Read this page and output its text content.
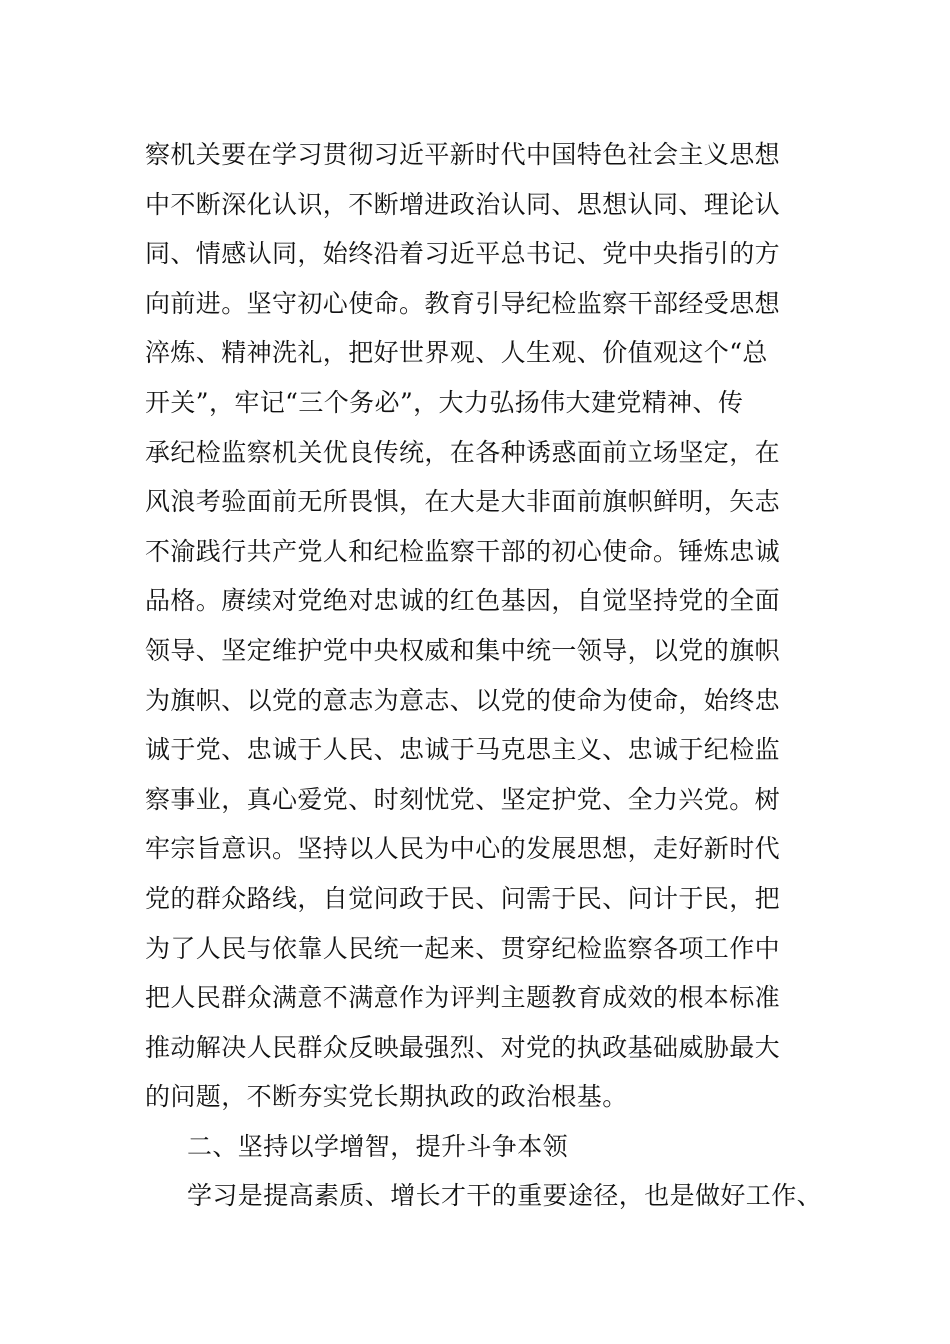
察机关要在学习贯彻习近平新时代中国特色社会主义思想
中不断深化认识，不断增进政治认同、思想认同、理论认
同、情感认同，始终沿着习近平总书记、党中央指引的方
向前进。坚守初心使命。教育引导纪检监察干部经受思想
淬炼、精神洗礼，把好世界观、人生观、价值观这个“总
开关”，牢记“三个务必”，大力弘扬伟大建党精神、传
承纪检监察机关优良传统，在各种诱惑面前立场坚定，在
风浪考验面前无所畏惧，在大是大非面前旗帜鲜明，矢志
不渝践行共产党人和纪检监察干部的初心使命。锤炼忠诚
品格。赓续对党绝对忠诚的红色基因，自觉坚持党的全面
领导、坚定维护党中央权威和集中统一领导，以党的旗帜
为旗帜、以党的意志为意志、以党的使命为使命，始终忠
诚于党、忠诚于人民、忠诚于马克思主义、忠诚于纪检监
察事业，真心爱党、时刻忧党、坚定护党、全力兴党。树
牢宗旨意识。坚持以人民为中心的发展思想，走好新时代
党的群众路线，自觉问政于民、问需于民、问计于民，把
为了人民与依靠人民统一起来、贯穿纪检监察各项工作中
把人民群众满意不满意作为评判主题教育成效的根本标准
推动解决人民群众反映最强烈、对党的执政基础威胁最大
的问题，不断夯实党长期执政的政治根基。
二、坚持以学增智，提升斗争本领
学习是提高素质、增长才干的重要途径，也是做好工作、
